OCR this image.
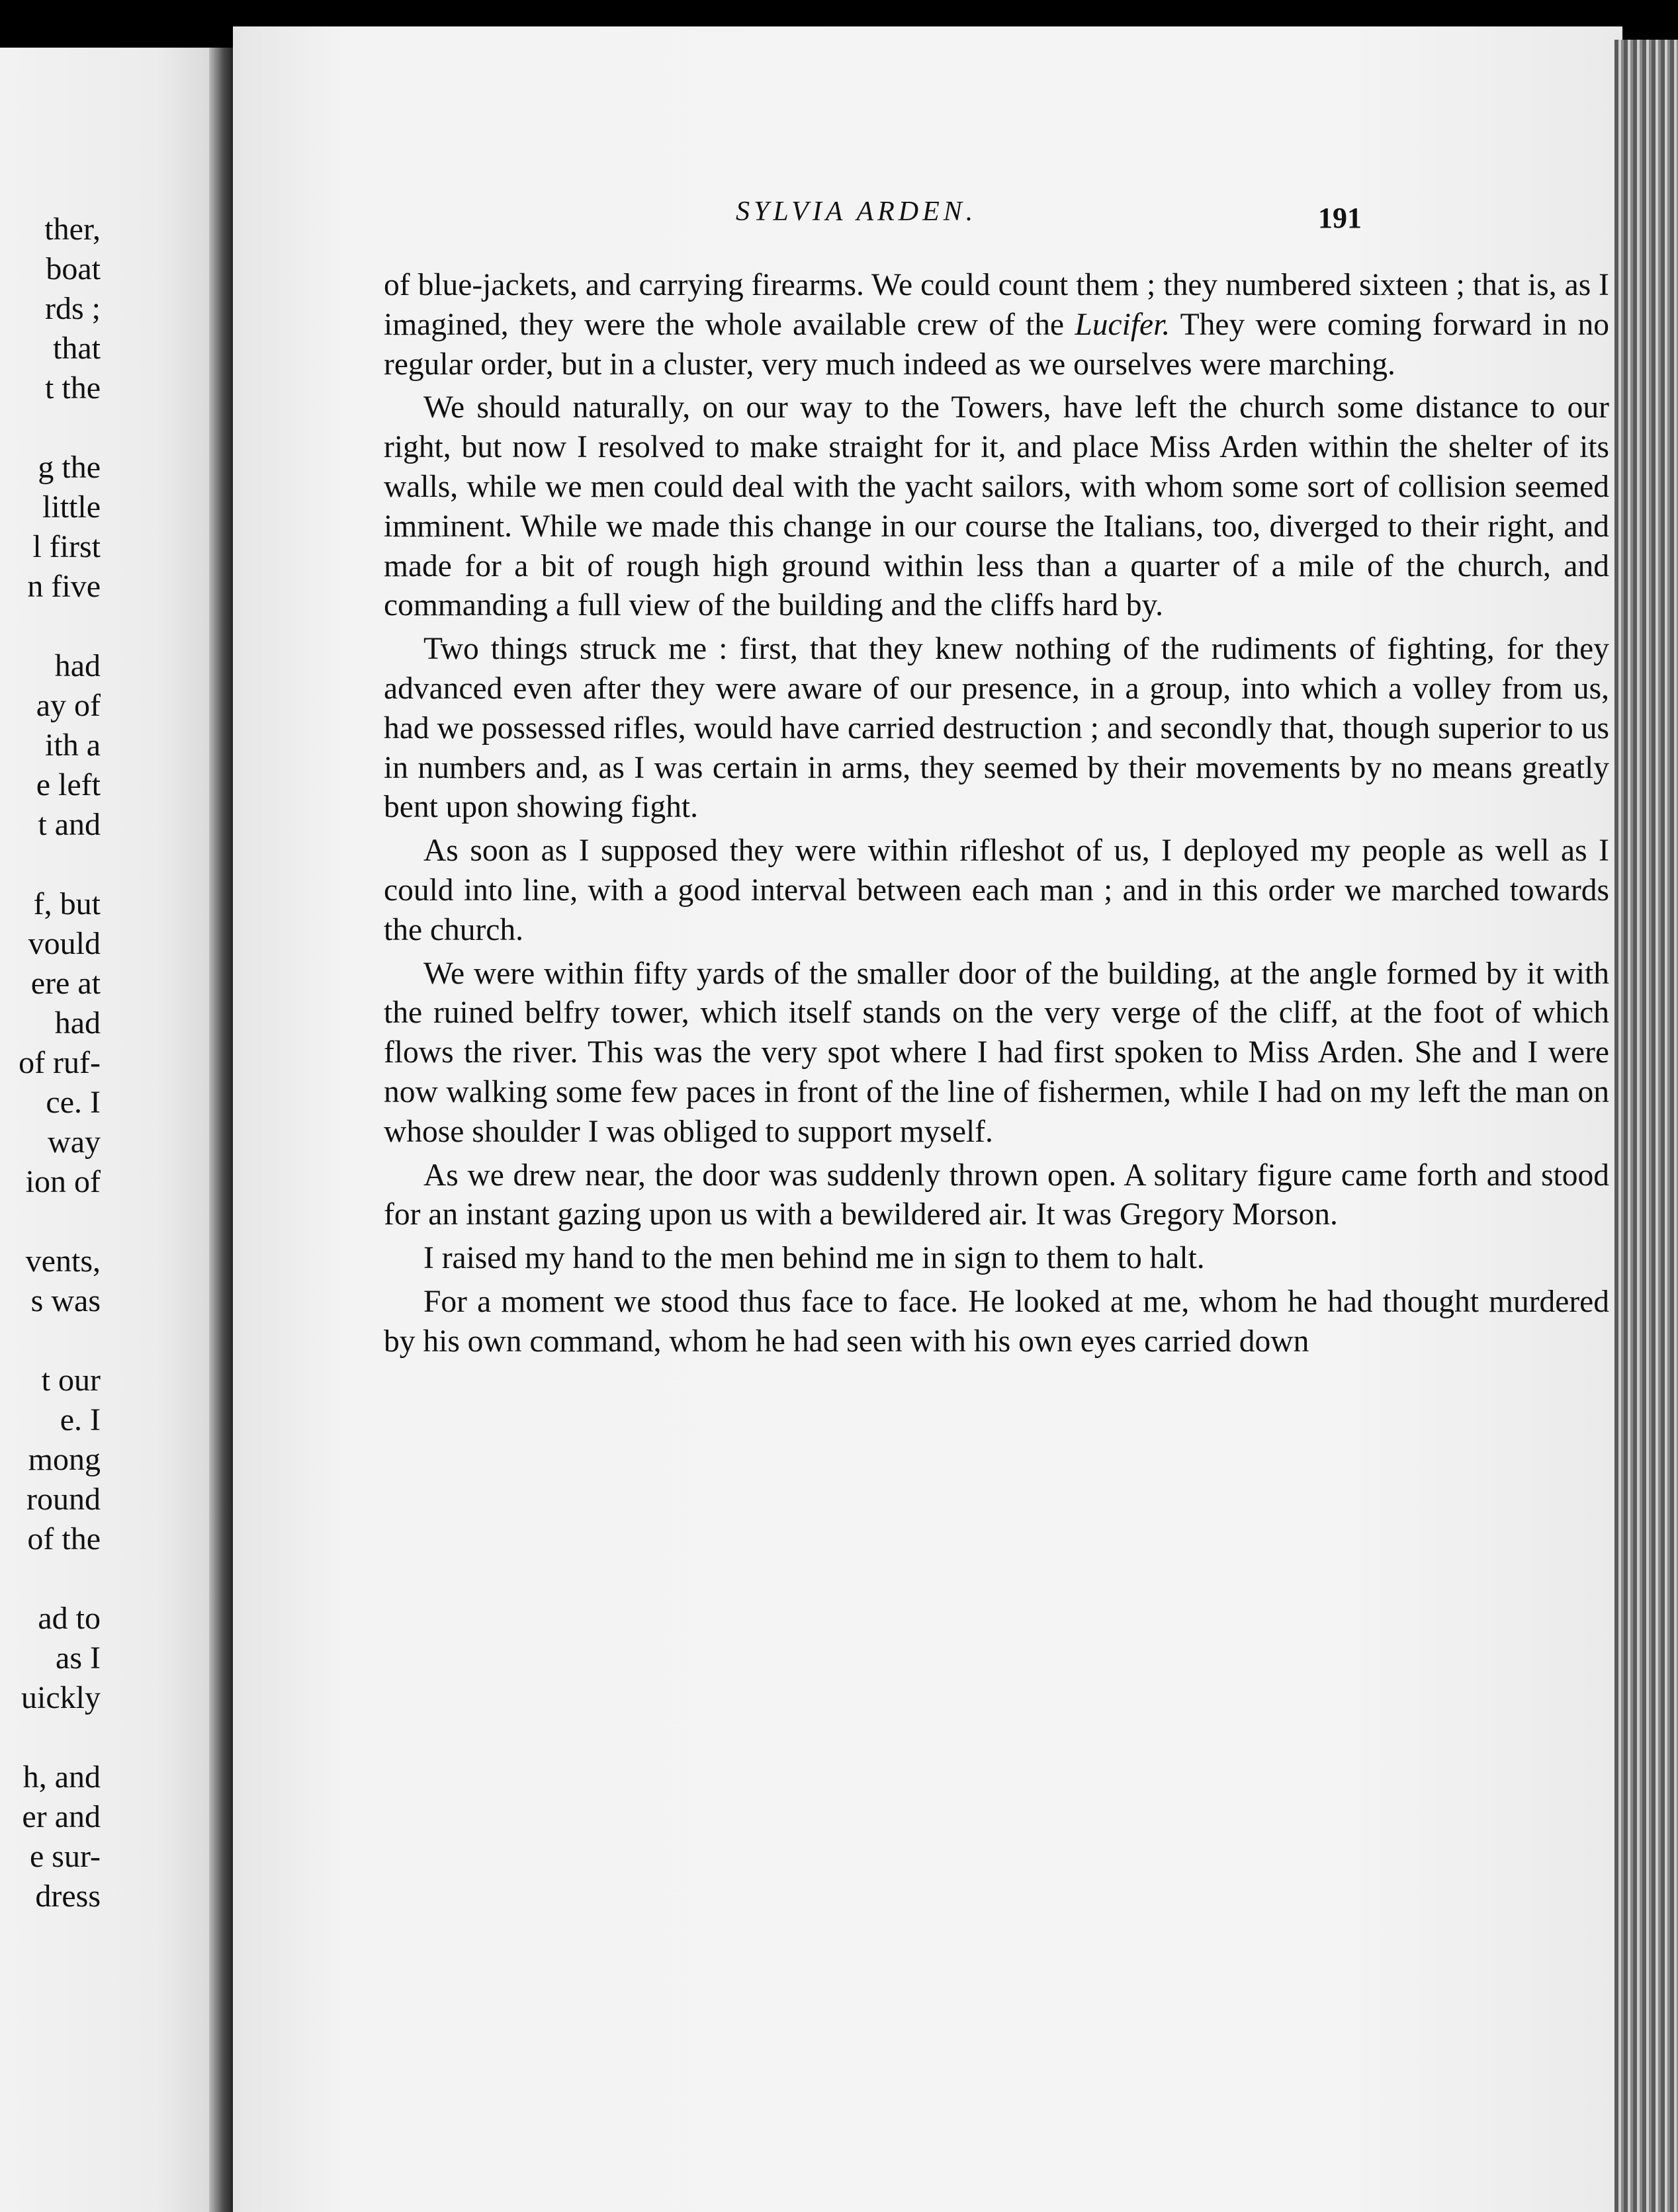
ther,
boat
rds ;
that
t the
g the
little
l first
n five
had
ay of
ith a
e left
t and
f, but
vould
ere at
had
of ruf-
ce. I
way
ion of
vents,
s was
t our
e. I
mong
round
of the
ad to
as I
uickly
h, and
er and
e sur-
dress
SYLVIA ARDEN.	191

of blue-jackets, and carrying firearms. We could count them ; they numbered sixteen ; that is, as I imagined, they were the whole available crew of the Lucifer. They were coming forward in no regular order, but in a cluster, very much indeed as we ourselves were marching.

We should naturally, on our way to the Towers, have left the church some distance to our right, but now I resolved to make straight for it, and place Miss Arden within the shelter of its walls, while we men could deal with the yacht sailors, with whom some sort of collision seemed imminent. While we made this change in our course the Italians, too, diverged to their right, and made for a bit of rough high ground within less than a quarter of a mile of the church, and commanding a full view of the building and the cliffs hard by.

Two things struck me : first, that they knew nothing of the rudiments of fighting, for they advanced even after they were aware of our presence, in a group, into which a volley from us, had we possessed rifles, would have carried destruction ; and secondly that, though superior to us in numbers and, as I was certain in arms, they seemed by their movements by no means greatly bent upon showing fight.

As soon as I supposed they were within rifleshot of us, I deployed my people as well as I could into line, with a good interval between each man ; and in this order we marched towards the church.

We were within fifty yards of the smaller door of the building, at the angle formed by it with the ruined belfry tower, which itself stands on the very verge of the cliff, at the foot of which flows the river. This was the very spot where I had first spoken to Miss Arden. She and I were now walking some few paces in front of the line of fishermen, while I had on my left the man on whose shoulder I was obliged to support myself.

As we drew near, the door was suddenly thrown open. A solitary figure came forth and stood for an instant gazing upon us with a bewildered air. It was Gregory Morson.

I raised my hand to the men behind me in sign to them to halt.

For a moment we stood thus face to face. He looked at me, whom he had thought murdered by his own command, whom he had seen with his own eyes carried down
